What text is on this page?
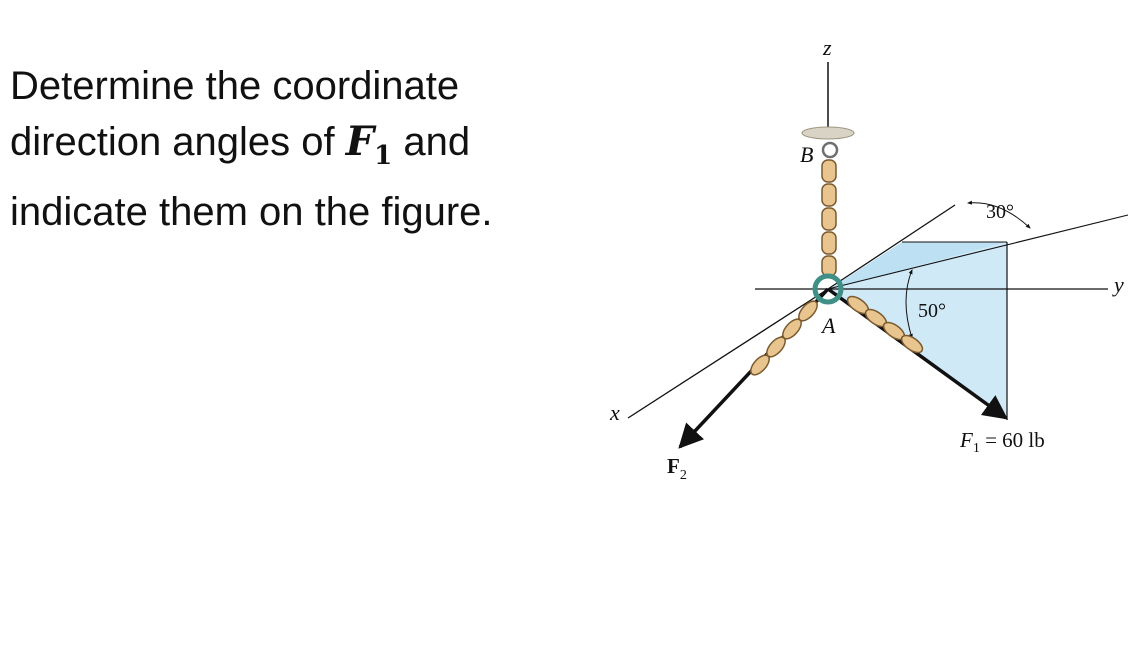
Determine the coordinate
direction angles of $F_1$ and
indicate them on the figure.
z
y
x
B
A
30°
50°
$F_1 = 60$ lb
$F_2$
